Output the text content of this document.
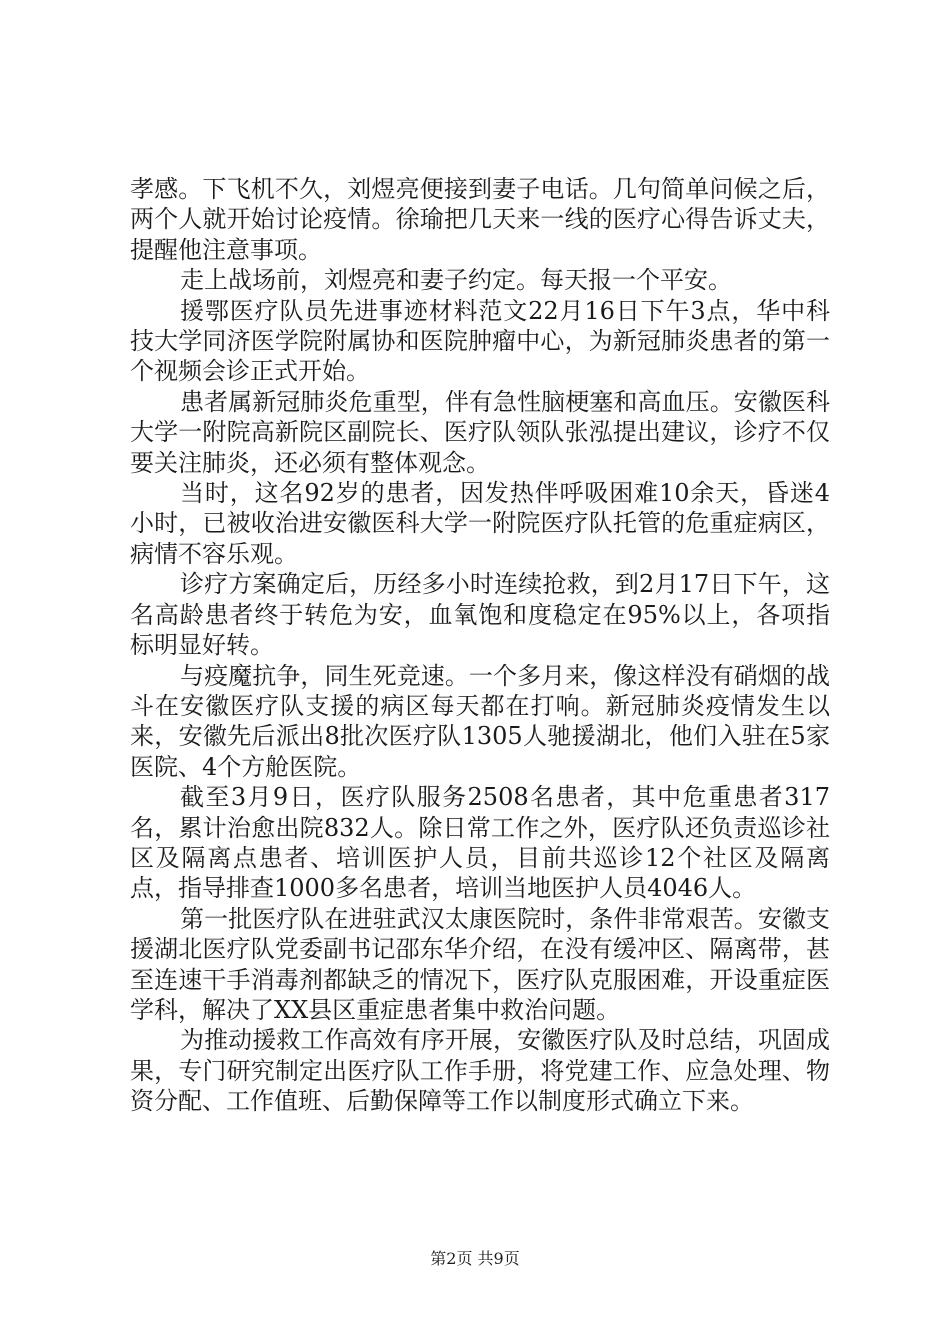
孝感。下飞机不久，刘煜亮便接到妻子电话。几句简单问候之后，两个人就开始讨论疫情。徐瑜把几天来一线的医疗心得告诉丈夫，提醒他注意事项。

走上战场前，刘煜亮和妻子约定。每天报一个平安。

援鄂医疗队员先进事迹材料范文22月16日下午3点，华中科技大学同济医学院附属协和医院肿瘤中心，为新冠肺炎患者的第一个视频会诊正式开始。

患者属新冠肺炎危重型，伴有急性脑梗塞和高血压。安徽医科大学一附院高新院区副院长、医疗队领队张泓提出建议，诊疗不仅要关注肺炎，还必须有整体观念。

当时，这名92岁的患者，因发热伴呼吸困难10余天，昏迷4小时，已被收治进安徽医科大学一附院医疗队托管的危重症病区，病情不容乐观。

诊疗方案确定后，历经多小时连续抢救，到2月17日下午，这名高龄患者终于转危为安，血氧饱和度稳定在95%以上，各项指标明显好转。

与疫魔抗争，同生死竞速。一个多月来，像这样没有硝烟的战斗在安徽医疗队支援的病区每天都在打响。新冠肺炎疫情发生以来，安徽先后派出8批次医疗队1305人驰援湖北，他们入驻在5家医院、4个方舱医院。

截至3月9日，医疗队服务2508名患者，其中危重患者317名，累计治愈出院832人。除日常工作之外，医疗队还负责巡诊社区及隔离点患者、培训医护人员，目前共巡诊12个社区及隔离点，指导排查1000多名患者，培训当地医护人员4046人。

第一批医疗队在进驻武汉太康医院时，条件非常艰苦。安徽支援湖北医疗队党委副书记邵东华介绍，在没有缓冲区、隔离带，甚至连速干手消毒剂都缺乏的情况下，医疗队克服困难，开设重症医学科，解决了XX县区重症患者集中救治问题。

为推动援救工作高效有序开展，安徽医疗队及时总结，巩固成果，专门研究制定出医疗队工作手册，将党建工作、应急处理、物资分配、工作值班、后勤保障等工作以制度形式确立下来。

第2页 共9页
